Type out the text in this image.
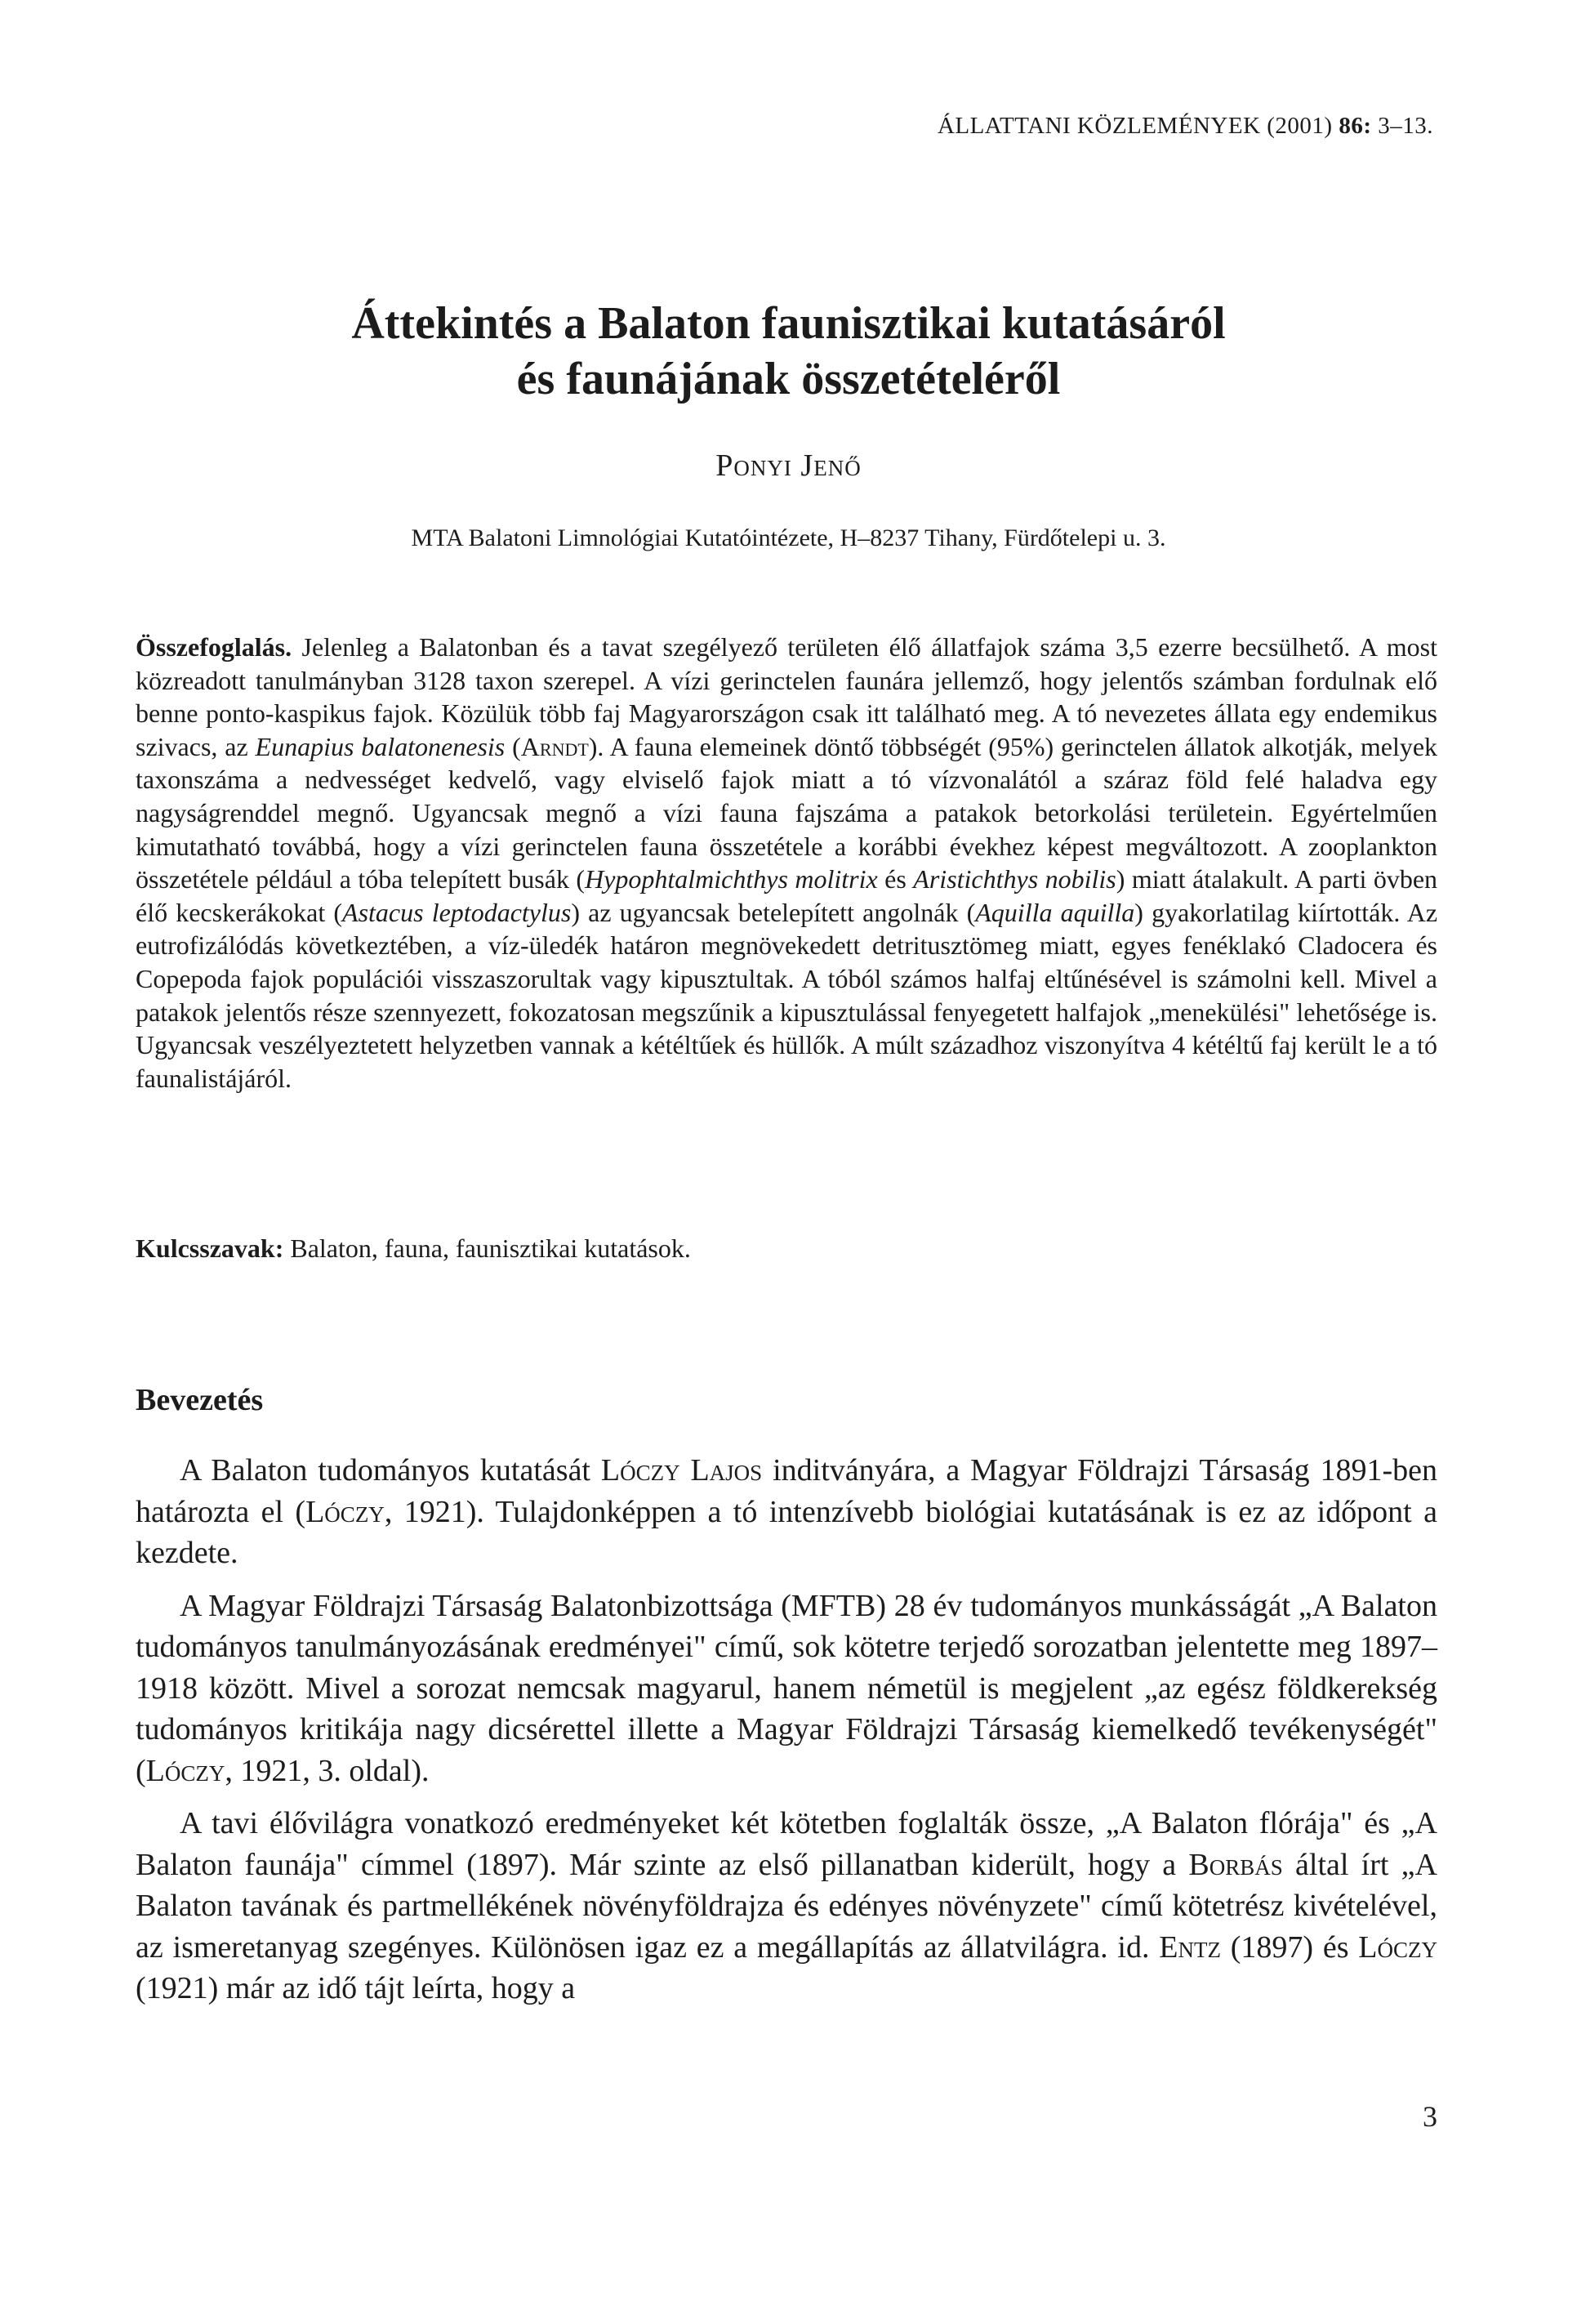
ÁLLATTANI KÖZLEMÉNYEK (2001) 86: 3–13.
Áttekintés a Balaton faunisztikai kutatásáról
és faunájának összetételéről
Ponyi Jenő
MTA Balatoni Limnológiai Kutatóintézete, H–8237 Tihany, Fürdőtelepi u. 3.
Összefoglalás. Jelenleg a Balatonban és a tavat szegélyező területen élő állatfajok száma 3,5 ezerre becsülhető. A most közreadott tanulmányban 3128 taxon szerepel. A vízi gerinctelen faunára jellemző, hogy jelentős számban fordulnak elő benne ponto-kaspikus fajok. Közülük több faj Magyarországon csak itt található meg. A tó nevezetes állata egy endemikus szivacs, az Eunapius balatonenesis (Arndt). A fauna elemeinek döntő többségét (95%) gerinctelen állatok alkotják, melyek taxonszáma a nedvességet kedvelő, vagy elviselő fajok miatt a tó vízvonalától a száraz föld felé haladva egy nagyságrenddel megnő. Ugyancsak megnő a vízi fauna fajszáma a patakok betorkolási területein. Egyértelműen kimutatható továbbá, hogy a vízi gerinctelen fauna összetétele a korábbi évekhez képest megváltozott. A zooplankton összetétele például a tóba telepített busák (Hypophtalmichthys molitrix és Aristichthys nobilis) miatt átalakult. A parti övben élő kecskerákokat (Astacus leptodactylus) az ugyancsak betelepített angolnák (Aquilla aquilla) gyakorlatilag kiírtották. Az eutrofizálódás következtében, a víz-üledék határon megnövekedett detritusztömeg miatt, egyes fenéklakó Cladocera és Copepoda fajok populációi visszaszorultak vagy kipusztultak. A tóból számos halfaj eltűnésével is számolni kell. Mivel a patakok jelentős része szennyezett, fokozatosan megszűnik a kipusztulással fenyegetett halfajok „menekülési" lehetősége is. Ugyancsak veszélyeztetett helyzetben vannak a kétéltűek és hüllők. A múlt századhoz viszonyítva 4 kétéltű faj került le a tó faunalistájáról.
Kulcsszavak: Balaton, fauna, faunisztikai kutatások.
Bevezetés

A Balaton tudományos kutatását Lóczy Lajos inditványára, a Magyar Földrajzi Társaság 1891-ben határozta el (Lóczy, 1921). Tulajdonképpen a tó intenzívebb biológiai kutatásának is ez az időpont a kezdete.

A Magyar Földrajzi Társaság Balatonbizottsága (MFTB) 28 év tudományos munkásságát „A Balaton tudományos tanulmányozásának eredményei" című, sok kötetre terjedő sorozatban jelentette meg 1897–1918 között. Mivel a sorozat nemcsak magyarul, hanem németül is megjelent „az egész földkerekség tudományos kritikája nagy dicsérettel illette a Magyar Földrajzi Társaság kiemelkedő tevékenységét" (Lóczy, 1921, 3. oldal).

A tavi élővilágra vonatkozó eredményeket két kötetben foglalták össze, „A Balaton flórája" és „A Balaton faunája" címmel (1897). Már szinte az első pillanatban kiderült, hogy a Borbás által írt „A Balaton tavának és partmellékének növényföldrajza és edényes növényzete" című kötetrész kivételével, az ismeretanyag szegényes. Különösen igaz ez a megállapítás az állatvilágra. id. Entz (1897) és Lóczy (1921) már az idő tájt leírta, hogy a

3
